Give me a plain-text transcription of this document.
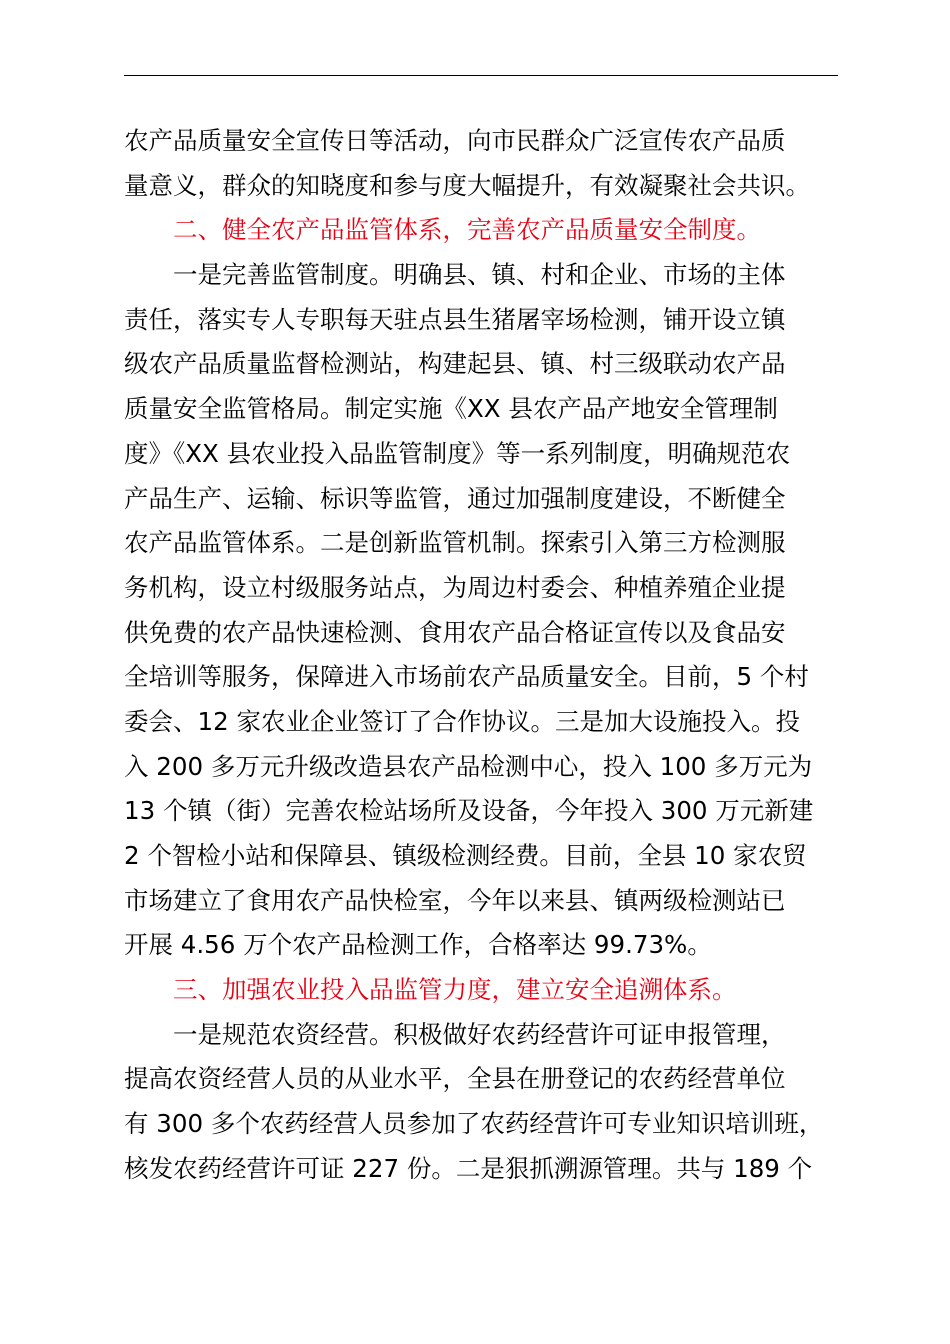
农产品质量安全宣传日等活动，向市民群众广泛宣传农产品质
量意义，群众的知晓度和参与度大幅提升，有效凝聚社会共识。
二、健全农产品监管体系，完善农产品质量安全制度。
一是完善监管制度。明确县、镇、村和企业、市场的主体
责任，落实专人专职每天驻点县生猪屠宰场检测，铺开设立镇
级农产品质量监督检测站，构建起县、镇、村三级联动农产品
质量安全监管格局。制定实施《XX 县农产品产地安全管理制
度》《XX 县农业投入品监管制度》等一系列制度，明确规范农
产品生产、运输、标识等监管，通过加强制度建设，不断健全
农产品监管体系。二是创新监管机制。探索引入第三方检测服
务机构，设立村级服务站点，为周边村委会、种植养殖企业提
供免费的农产品快速检测、食用农产品合格证宣传以及食品安
全培训等服务，保障进入市场前农产品质量安全。目前，5 个村
委会、12 家农业企业签订了合作协议。三是加大设施投入。投
入 200 多万元升级改造县农产品检测中心，投入 100 多万元为
13 个镇（街）完善农检站场所及设备，今年投入 300 万元新建
2 个智检小站和保障县、镇级检测经费。目前，全县 10 家农贸
市场建立了食用农产品快检室，今年以来县、镇两级检测站已
开展 4.56 万个农产品检测工作，合格率达 99.73%。
三、加强农业投入品监管力度，建立安全追溯体系。
一是规范农资经营。积极做好农药经营许可证申报管理，
提高农资经营人员的从业水平，全县在册登记的农药经营单位
有 300 多个农药经营人员参加了农药经营许可专业知识培训班，
核发农药经营许可证 227 份。二是狠抓溯源管理。共与 189 个
